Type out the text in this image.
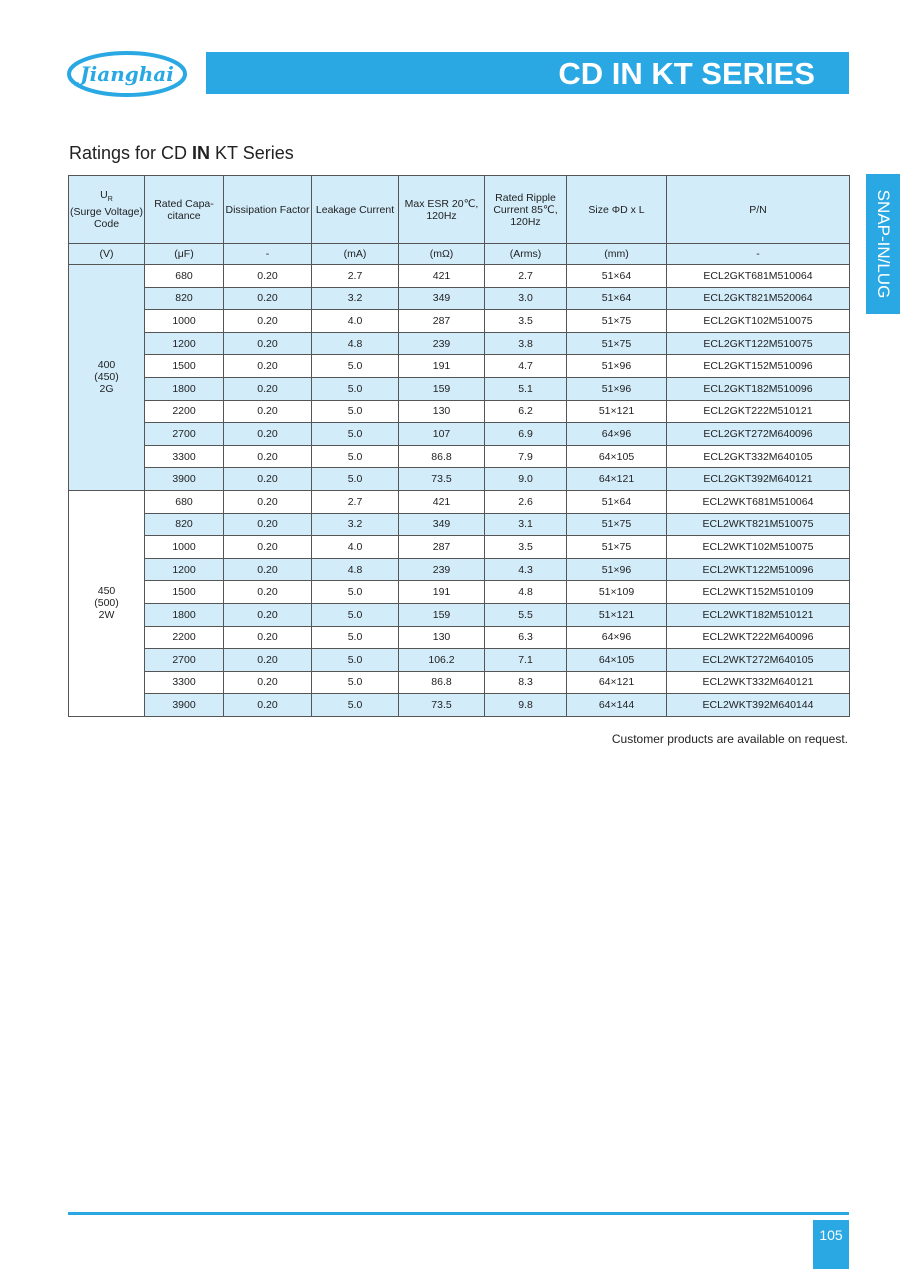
Jianghai	CD IN KT SERIES
SNAP-IN/LUG
Ratings for CD IN KT Series
$U_R$
(Surge Voltage) Code	Rated Capa- citance	Dissipation Factor	Leakage Current	Max ESR 20℃, 120Hz	Rated Ripple Current 85℃, 120Hz	Size ΦD x L	P/N
(V)	(μF)	-	(mA)	(mΩ)	(Arms)	(mm)	-

400
(450)
2G	680	0.20	2.7	421	2.7	51×64	ECL2GKT681M510064
	820	0.20	3.2	349	3.0	51×64	ECL2GKT821M520064
	1000	0.20	4.0	287	3.5	51×75	ECL2GKT102M510075
	1200	0.20	4.8	239	3.8	51×75	ECL2GKT122M510075
	1500	0.20	5.0	191	4.7	51×96	ECL2GKT152M510096
	1800	0.20	5.0	159	5.1	51×96	ECL2GKT182M510096
	2200	0.20	5.0	130	6.2	51×121	ECL2GKT222M510121
	2700	0.20	5.0	107	6.9	64×96	ECL2GKT272M640096
	3300	0.20	5.0	86.8	7.9	64×105	ECL2GKT332M640105
	3900	0.20	5.0	73.5	9.0	64×121	ECL2GKT392M640121

450
(500)
2W	680	0.20	2.7	421	2.6	51×64	ECL2WKT681M510064
	820	0.20	3.2	349	3.1	51×75	ECL2WKT821M510075
	1000	0.20	4.0	287	3.5	51×75	ECL2WKT102M510075
	1200	0.20	4.8	239	4.3	51×96	ECL2WKT122M510096
	1500	0.20	5.0	191	4.8	51×109	ECL2WKT152M510109
	1800	0.20	5.0	159	5.5	51×121	ECL2WKT182M510121
	2200	0.20	5.0	130	6.3	64×96	ECL2WKT222M640096
	2700	0.20	5.0	106.2	7.1	64×105	ECL2WKT272M640105
	3300	0.20	5.0	86.8	8.3	64×121	ECL2WKT332M640121
	3900	0.20	5.0	73.5	9.8	64×144	ECL2WKT392M640144
Customer products are available on request.
105
